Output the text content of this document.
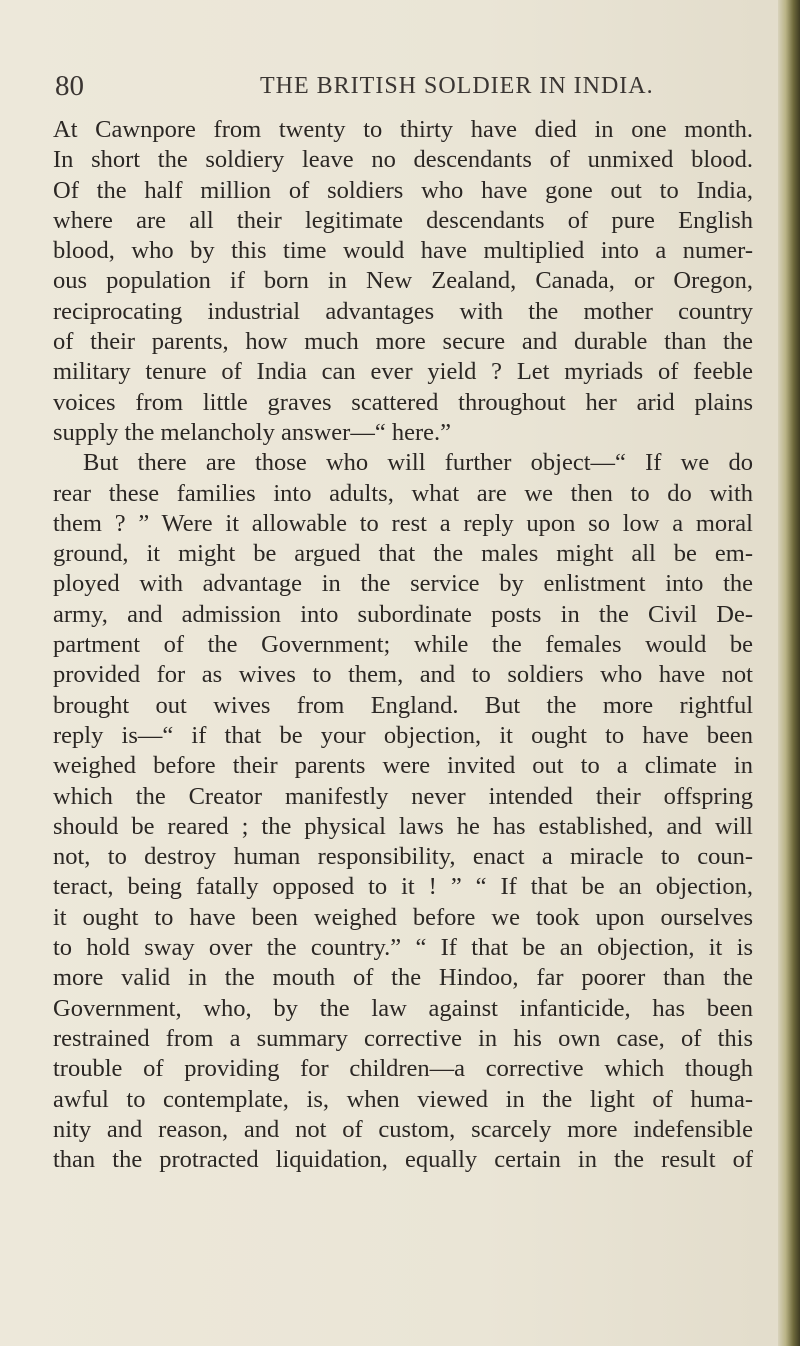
80	THE BRITISH SOLDIER IN INDIA.
At Cawnpore from twenty to thirty have died in one month.
In short the soldiery leave no descendants of unmixed blood.
Of the half million of soldiers who have gone out to India,
where are all their legitimate descendants of pure English
blood, who by this time would have multiplied into a numer-
ous population if born in New Zealand, Canada, or Oregon,
reciprocating industrial advantages with the mother country
of their parents, how much more secure and durable than the
military tenure of India can ever yield ? Let myriads of feeble
voices from little graves scattered throughout her arid plains
supply the melancholy answer—“ here.”
But there are those who will further object—“ If we do
rear these families into adults, what are we then to do with
them ? ” Were it allowable to rest a reply upon so low a moral
ground, it might be argued that the males might all be em-
ployed with advantage in the service by enlistment into the
army, and admission into subordinate posts in the Civil De-
partment of the Government; while the females would be
provided for as wives to them, and to soldiers who have not
brought out wives from England. But the more rightful
reply is—“ if that be your objection, it ought to have been
weighed before their parents were invited out to a climate in
which the Creator manifestly never intended their offspring
should be reared ; the physical laws he has established, and will
not, to destroy human responsibility, enact a miracle to coun-
teract, being fatally opposed to it ! ” “ If that be an objection,
it ought to have been weighed before we took upon ourselves
to hold sway over the country.” “ If that be an objection, it is
more valid in the mouth of the Hindoo, far poorer than the
Government, who, by the law against infanticide, has been
restrained from a summary corrective in his own case, of this
trouble of providing for children—a corrective which though
awful to contemplate, is, when viewed in the light of huma-
nity and reason, and not of custom, scarcely more indefensible
than the protracted liquidation, equally certain in the result of
